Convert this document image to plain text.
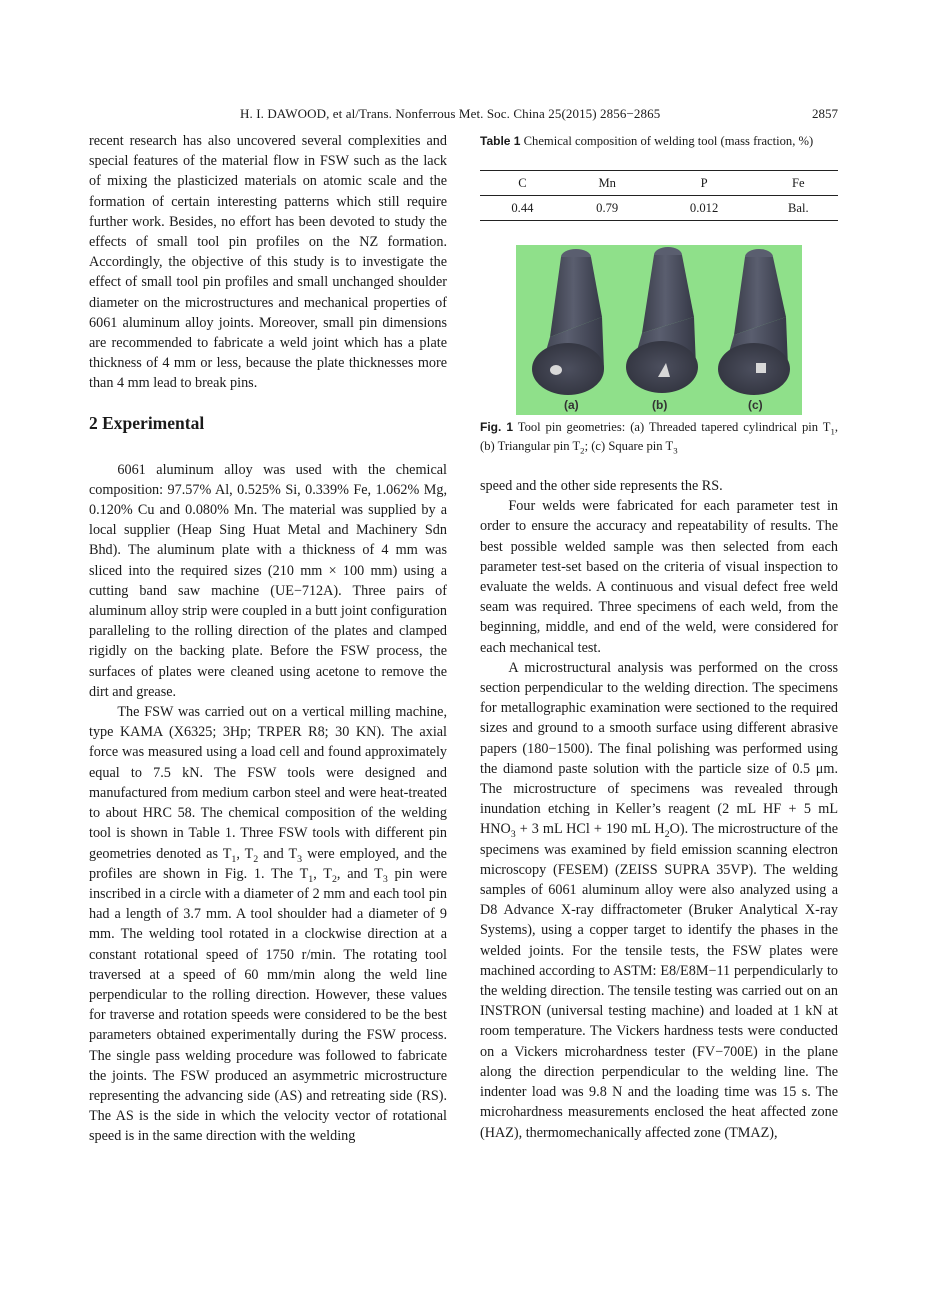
H. I. DAWOOD, et al/Trans. Nonferrous Met. Soc. China 25(2015) 2856−2865	2857

recent research has also uncovered several complexities and special features of the material flow in FSW such as the lack of mixing the plasticized materials on atomic scale and the formation of certain interesting patterns which still require further work. Besides, no effort has been devoted to study the effects of small tool pin profiles on the NZ formation. Accordingly, the objective of this study is to investigate the effect of small tool pin profiles and small unchanged shoulder diameter on the microstructures and mechanical properties of 6061 aluminum alloy joints. Moreover, small pin dimensions are recommended to fabricate a weld joint which has a plate thickness of 4 mm or less, because the plate thicknesses more than 4 mm lead to break pins.

2 Experimental

6061 aluminum alloy was used with the chemical composition: 97.57% Al, 0.525% Si, 0.339% Fe, 1.062% Mg, 0.120% Cu and 0.080% Mn. The material was supplied by a local supplier (Heap Sing Huat Metal and Machinery Sdn Bhd). The aluminum plate with a thickness of 4 mm was sliced into the required sizes (210 mm × 100 mm) using a cutting band saw machine (UE−712A). Three pairs of aluminum alloy strip were coupled in a butt joint configuration paralleling to the rolling direction of the plates and clamped rigidly on the backing plate. Before the FSW process, the surfaces of plates were cleaned using acetone to remove the dirt and grease.

The FSW was carried out on a vertical milling machine, type KAMA (X6325; 3Hp; TRPER R8; 30 KN). The axial force was measured using a load cell and found approximately equal to 7.5 kN. The FSW tools were designed and manufactured from medium carbon steel and were heat-treated to about HRC 58. The chemical composition of the welding tool is shown in Table 1. Three FSW tools with different pin geometries denoted as $T_1$, $T_2$ and $T_3$ were employed, and the profiles are shown in Fig. 1. The $T_1$, $T_2$, and $T_3$ pin were inscribed in a circle with a diameter of 2 mm and each tool pin had a length of 3.7 mm. A tool shoulder had a diameter of 9 mm. The welding tool rotated in a clockwise direction at a constant rotational speed of 1750 r/min. The rotating tool traversed at a speed of 60 mm/min along the weld line perpendicular to the rolling direction. However, these values for traverse and rotation speeds were considered to be the best parameters obtained experimentally during the FSW process. The single pass welding procedure was followed to fabricate the joints. The FSW produced an asymmetric microstructure representing the advancing side (AS) and retreating side (RS). The AS is the side in which the velocity vector of rotational speed is in the same direction with the welding

Table 1 Chemical composition of welding tool (mass fraction, %)
C	Mn	P	Fe
0.44	0.79	0.012	Bal.
(a)	(b)	(c)
Fig. 1 Tool pin geometries: (a) Threaded tapered cylindrical pin $T_1$, (b) Triangular pin $T_2$; (c) Square pin $T_3$

speed and the other side represents the RS.

Four welds were fabricated for each parameter test in order to ensure the accuracy and repeatability of results. The best possible welded sample was then selected from each parameter test-set based on the criteria of visual inspection to evaluate the welds. A continuous and visual defect free weld seam was required. Three specimens of each weld, from the beginning, middle, and end of the weld, were considered for each mechanical test.

A microstructural analysis was performed on the cross section perpendicular to the welding direction. The specimens for metallographic examination were sectioned to the required sizes and ground to a smooth surface using different abrasive papers (180−1500). The final polishing was performed using the diamond paste solution with the particle size of 0.5 μm. The microstructure of specimens was revealed through inundation etching in Keller’s reagent (2 mL HF + 5 mL $HNO_3 + 3$ mL HCl + 190 mL $H_2O$). The microstructure of the specimens was examined by field emission scanning electron microscopy (FESEM) (ZEISS SUPRA 35VP). The welding samples of 6061 aluminum alloy were also analyzed using a D8 Advance X-ray diffractometer (Bruker Analytical X-ray Systems), using a copper target to identify the phases in the welded joints. For the tensile tests, the FSW plates were machined according to ASTM: E8/E8M−11 perpendicularly to the welding direction. The tensile testing was carried out on an INSTRON (universal testing machine) and loaded at 1 kN at room temperature. The Vickers hardness tests were conducted on a Vickers microhardness tester (FV−700E) in the plane along the direction perpendicular to the welding line. The indenter load was 9.8 N and the loading time was 15 s. The microhardness measurements enclosed the heat affected zone (HAZ), thermomechanically affected zone (TMAZ),
